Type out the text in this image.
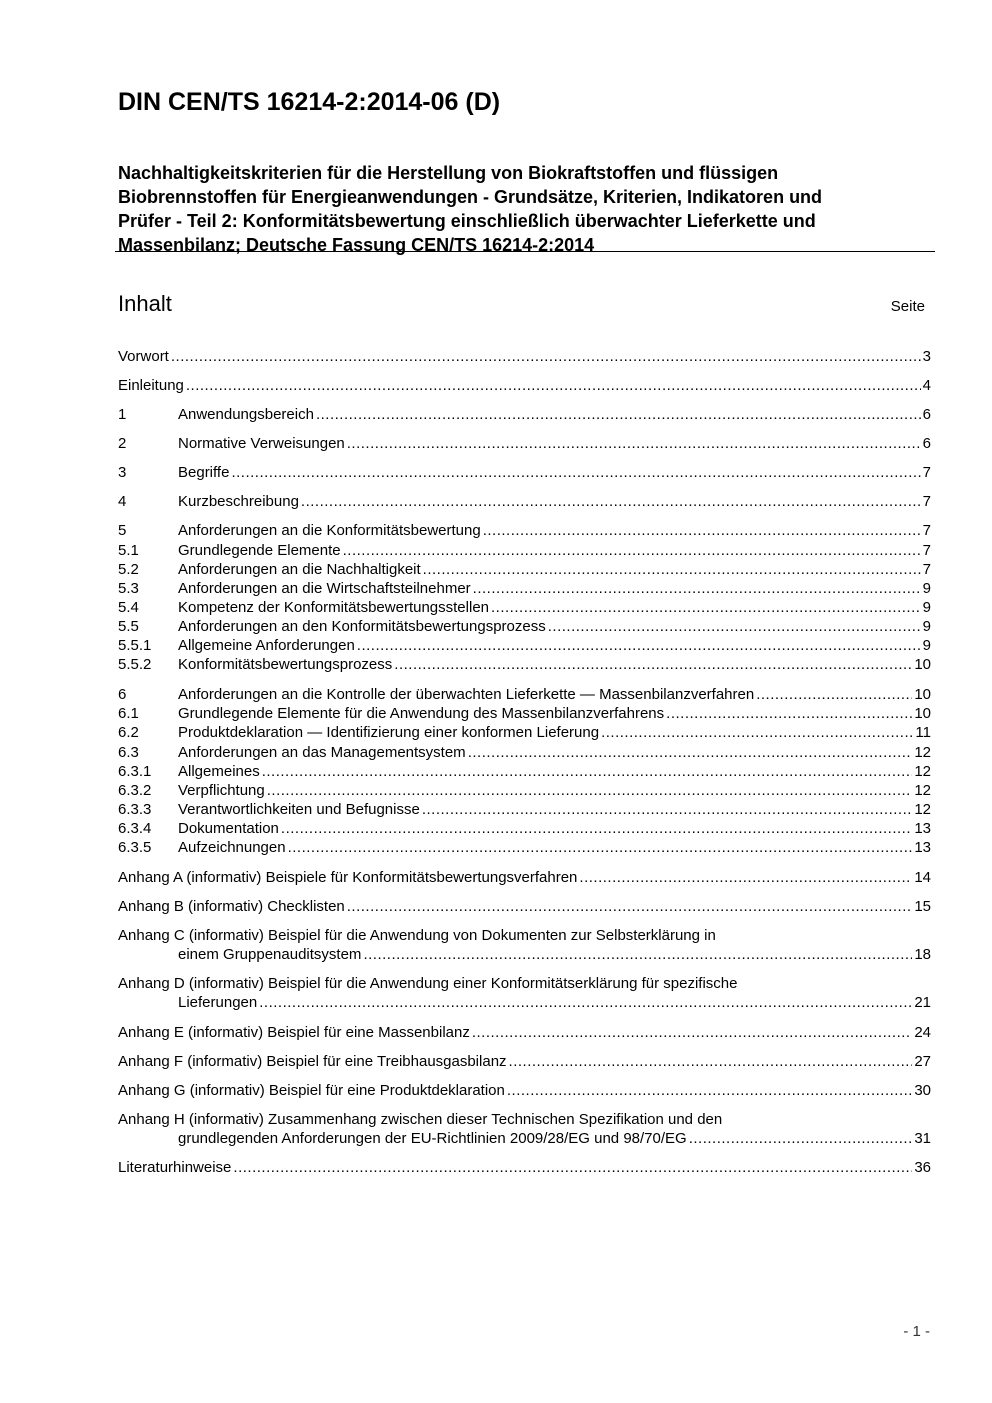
DIN CEN/TS 16214-2:2014-06 (D)
Nachhaltigkeitskriterien für die Herstellung von Biokraftstoffen und flüssigen
Biobrennstoffen für Energieanwendungen - Grundsätze, Kriterien, Indikatoren und
Prüfer - Teil 2: Konformitätsbewertung einschließlich überwachter Lieferkette und
Massenbilanz; Deutsche Fassung CEN/TS 16214-2:2014
Inhalt	Seite
Vorwort .....	3
Einleitung .....	4
1	Anwendungsbereich .....	6
2	Normative Verweisungen .....	6
3	Begriffe .....	7
4	Kurzbeschreibung .....	7
5	Anforderungen an die Konformitätsbewertung .....	7
5.1	Grundlegende Elemente .....	7
5.2	Anforderungen an die Nachhaltigkeit .....	7
5.3	Anforderungen an die Wirtschaftsteilnehmer .....	9
5.4	Kompetenz der Konformitätsbewertungsstellen .....	9
5.5	Anforderungen an den Konformitätsbewertungsprozess .....	9
5.5.1	Allgemeine Anforderungen .....	9
5.5.2	Konformitätsbewertungsprozess .....	10
6	Anforderungen an die Kontrolle der überwachten Lieferkette — Massenbilanzverfahren .....	10
6.1	Grundlegende Elemente für die Anwendung des Massenbilanzverfahrens .....	10
6.2	Produktdeklaration — Identifizierung einer konformen Lieferung .....	11
6.3	Anforderungen an das Managementsystem .....	12
6.3.1	Allgemeines .....	12
6.3.2	Verpflichtung .....	12
6.3.3	Verantwortlichkeiten und Befugnisse .....	12
6.3.4	Dokumentation .....	13
6.3.5	Aufzeichnungen .....	13
Anhang A (informativ) Beispiele für Konformitätsbewertungsverfahren .....	14
Anhang B (informativ) Checklisten .....	15
Anhang C (informativ) Beispiel für die Anwendung von Dokumenten zur Selbsterklärung in
einem Gruppenauditsystem .....	18
Anhang D (informativ) Beispiel für die Anwendung einer Konformitätserklärung für spezifische
Lieferungen .....	21
Anhang E (informativ) Beispiel für eine Massenbilanz .....	24
Anhang F (informativ) Beispiel für eine Treibhausgasbilanz .....	27
Anhang G (informativ) Beispiel für eine Produktdeklaration .....	30
Anhang H (informativ) Zusammenhang zwischen dieser Technischen Spezifikation und den
grundlegenden Anforderungen der EU-Richtlinien 2009/28/EG und 98/70/EG .....	31
Literaturhinweise .....	36
- 1 -
